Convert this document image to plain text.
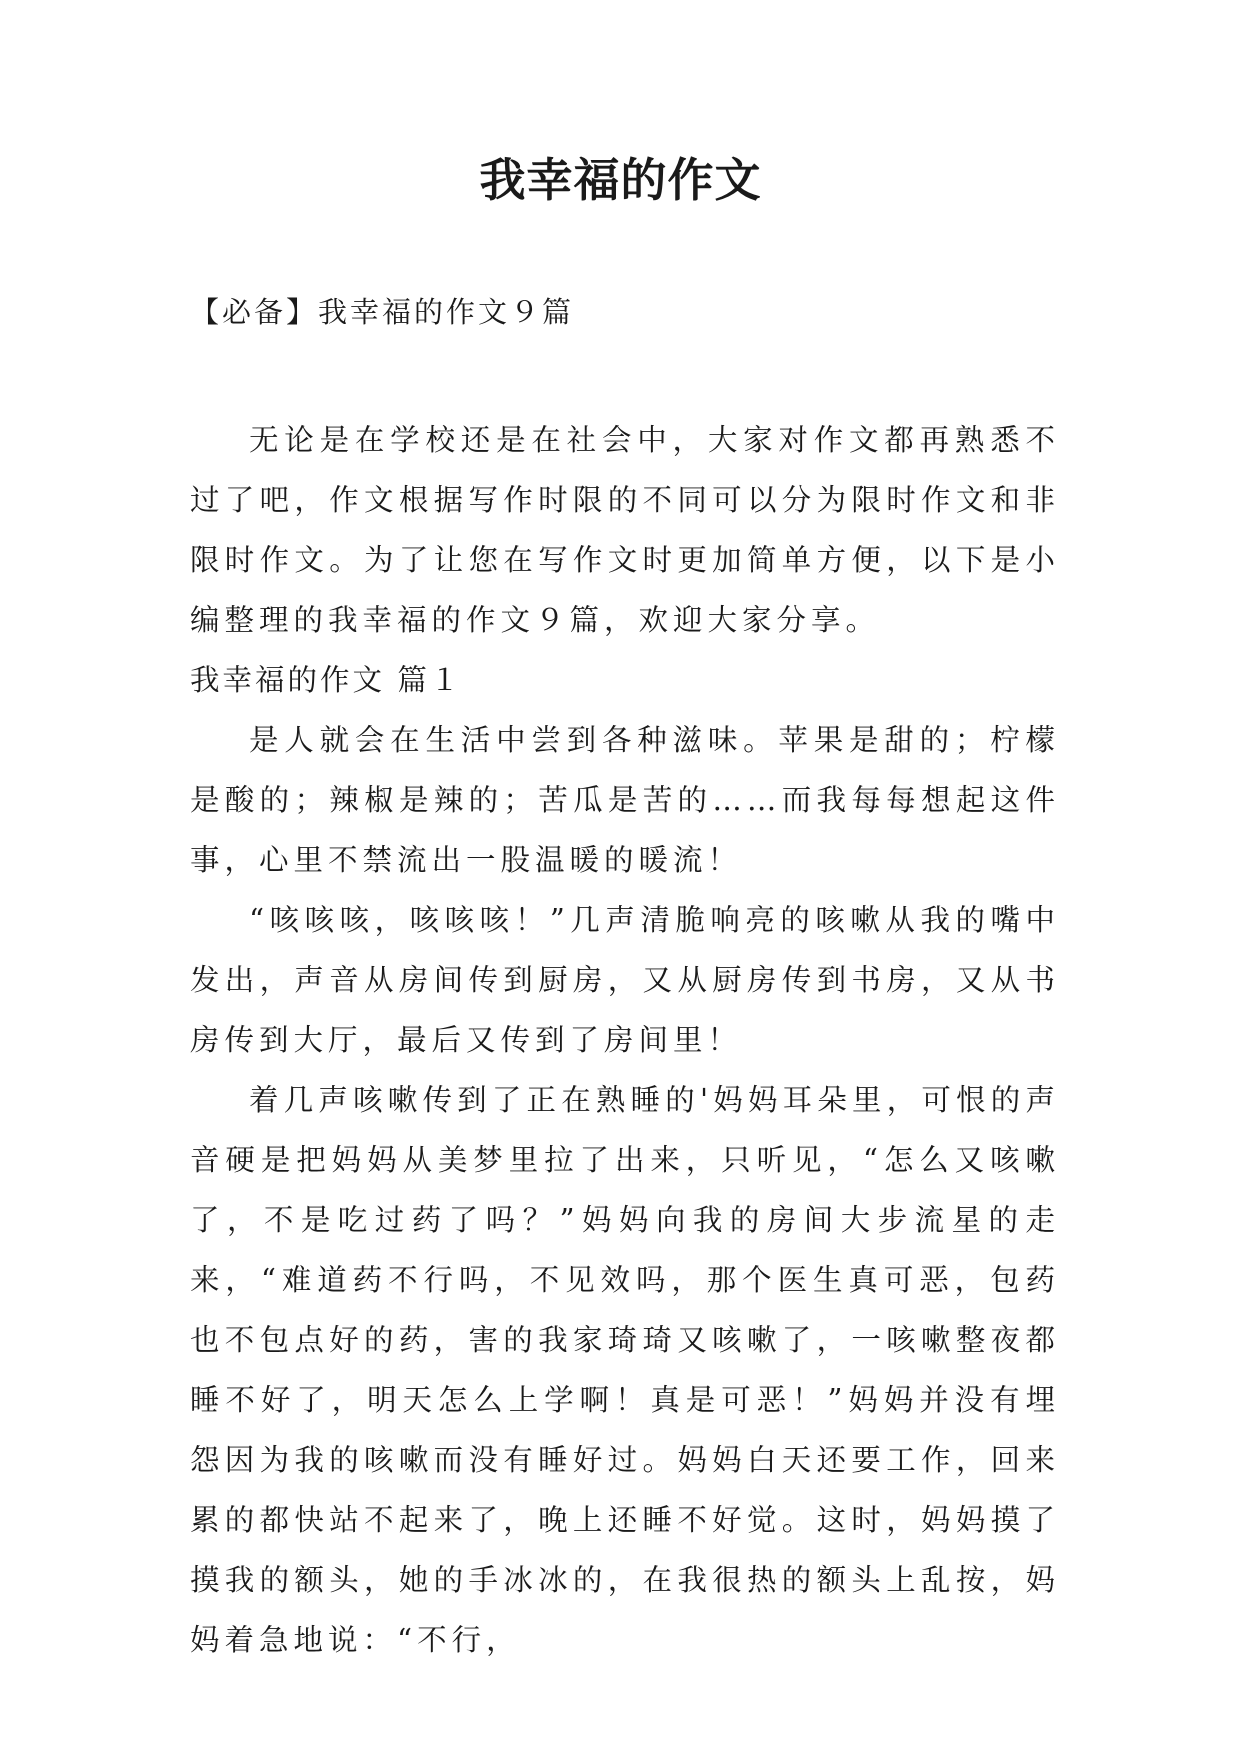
我幸福的作文
【必备】我幸福的作文９篇

无论是在学校还是在社会中，大家对作文都再熟悉不过了吧，作文根据写作时限的不同可以分为限时作文和非限时作文。为了让您在写作文时更加简单方便，以下是小编整理的我幸福的作文９篇，欢迎大家分享。

我幸福的作文 篇１

是人就会在生活中尝到各种滋味。苹果是甜的；柠檬是酸的；辣椒是辣的；苦瓜是苦的……而我每每想起这件事，心里不禁流出一股温暖的暖流！

“咳咳咳，咳咳咳！”几声清脆响亮的咳嗽从我的嘴中发出，声音从房间传到厨房，又从厨房传到书房，又从书房传到大厅，最后又传到了房间里！

着几声咳嗽传到了正在熟睡的'妈妈耳朵里，可恨的声音硬是把妈妈从美梦里拉了出来，只听见，“怎么又咳嗽了，不是吃过药了吗？”妈妈向我的房间大步流星的走来，“难道药不行吗，不见效吗，那个医生真可恶，包药也不包点好的药，害的我家琦琦又咳嗽了，一咳嗽整夜都睡不好了，明天怎么上学啊！真是可恶！”妈妈并没有埋怨因为我的咳嗽而没有睡好过。妈妈白天还要工作，回来累的都快站不起来了，晚上还睡不好觉。这时，妈妈摸了摸我的额头，她的手冰冰的，在我很热的额头上乱按，妈妈着急地说：“不行，
